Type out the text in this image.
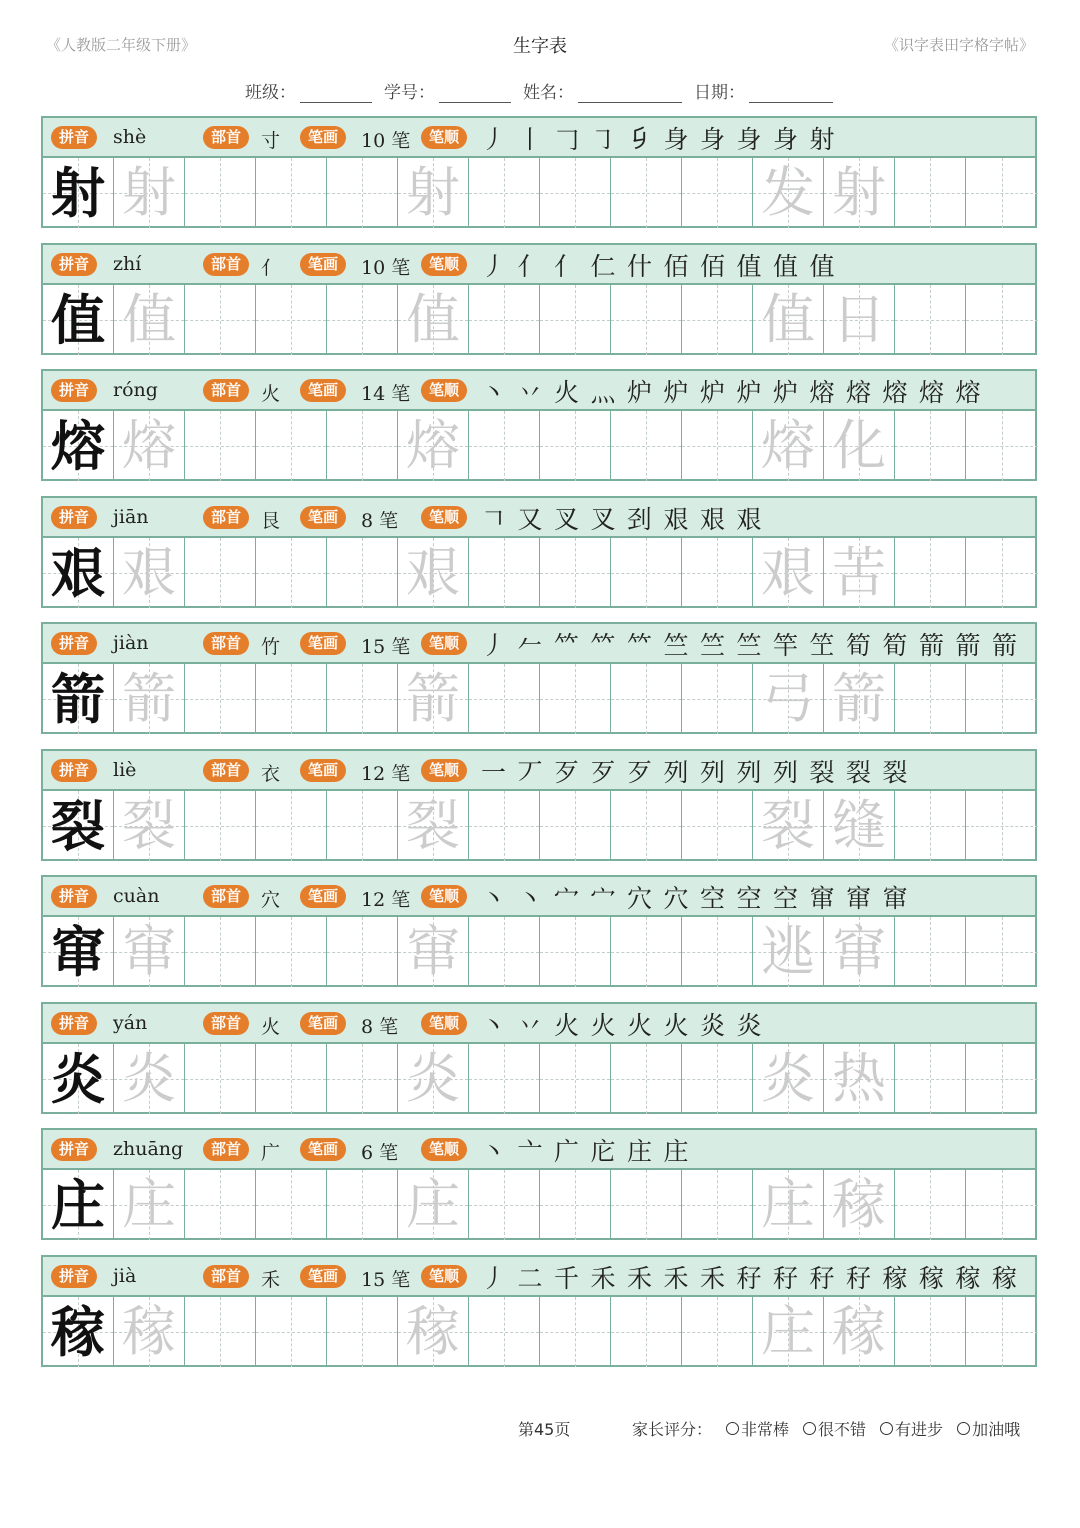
《人教版二年级下册》	生字表	《识字表田字格字帖》
班级：	学号：	姓名：	日期：
拼音	shè	部首	寸	笔画	10 笔	笔顺 丿 丨 𠃌 ㇆ 𠂎 身 身 身 身 射
射 射	射	发 射
拼音	zhí	部首	亻	笔画	10 笔	笔顺 丿 亻 亻 仁 什 佰 佰 值 值 值
值 值	值	值 日
拼音	róng	部首	火	笔画	14 笔	笔顺 丶 丷 火 灬 炉 炉 炉 炉 炉 熔 熔 熔 熔 熔
熔 熔	熔	熔 化
拼音	jiān	部首	艮	笔画	8 笔	笔顺 𠃍 又 叉 叉 刭 艰 艰 艰
艰 艰	艰	艰 苦
拼音	jiàn	部首	竹	笔画	15 笔	笔顺 丿 𠂉 𥫗 𥫗 𥫗 竺 竺 竺 竿 笁 筍 筍 箭 箭 箭
箭 箭	箭	弓 箭
拼音	liè	部首	衣	笔画	12 笔	笔顺 一 丆 歹 歹 歹 列 列 列 列 裂 裂 裂
裂 裂	裂	裂 缝
拼音	cuàn	部首	穴	笔画	12 笔	笔顺 丶 丶 宀 宀 穴 穴 空 空 空 窜 窜 窜
窜 窜	窜	逃 窜
拼音	yán	部首	火	笔画	8 笔	笔顺 丶 丷 火 火 火 火 炎 炎
炎 炎	炎	炎 热
拼音	zhuāng	部首	广	笔画	6 笔	笔顺 丶 亠 广 庀 庄 庄
庄 庄	庄	庄 稼
拼音	jià	部首	禾	笔画	15 笔	笔顺 丿 二 千 禾 禾 禾 禾 秄 秄 秄 秄 稼 稼 稼 稼
稼 稼	稼	庄 稼
第45页	家长评分： 非常棒 很不错 有进步 加油哦
